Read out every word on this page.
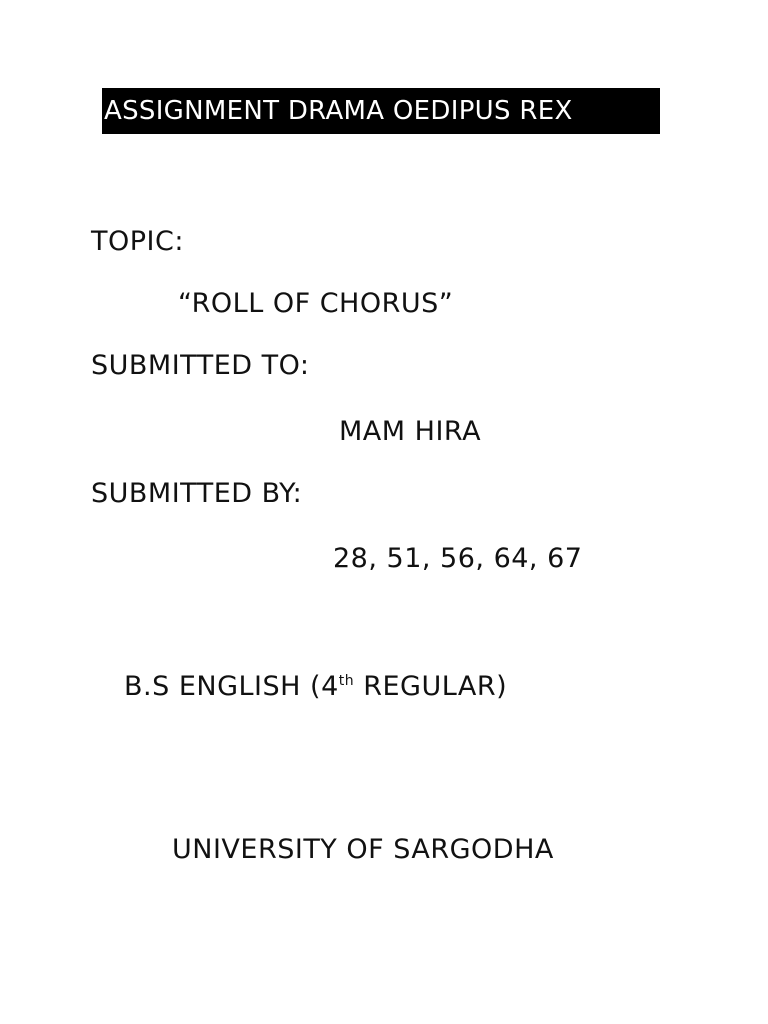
ASSIGNMENT DRAMA OEDIPUS REX
TOPIC:
“ROLL OF CHORUS”
SUBMITTED TO:
MAM HIRA
SUBMITTED BY:
28, 51, 56, 64, 67
B.S ENGLISH (4th REGULAR)
UNIVERSITY OF SARGODHA
